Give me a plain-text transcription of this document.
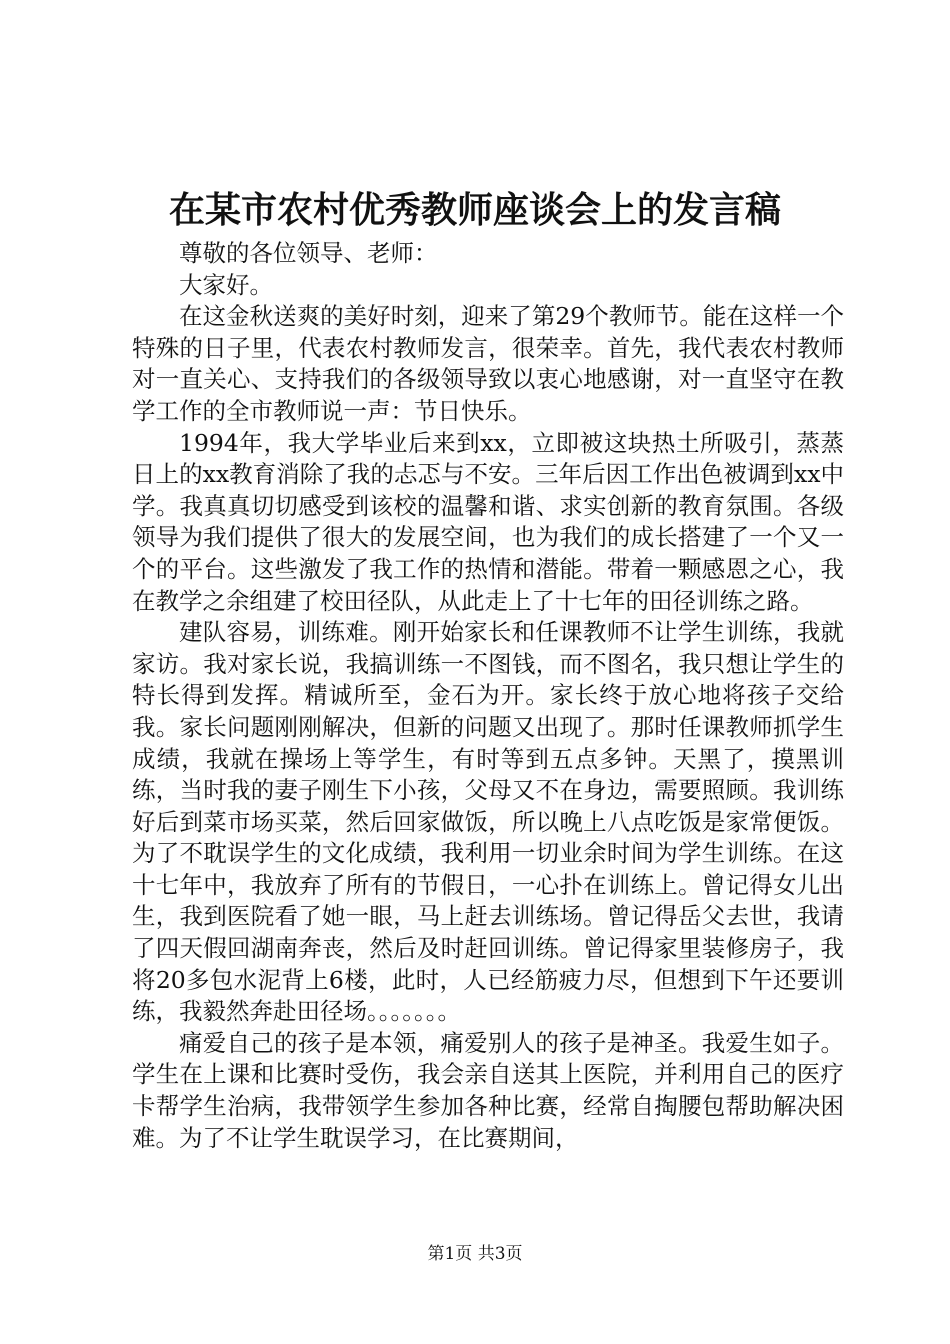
在某市农村优秀教师座谈会上的发言稿

尊敬的各位领导、老师：

大家好。

在这金秋送爽的美好时刻，迎来了第29个教师节。能在这样一个特殊的日子里，代表农村教师发言，很荣幸。首先，我代表农村教师对一直关心、支持我们的各级领导致以衷心地感谢，对一直坚守在教学工作的全市教师说一声：节日快乐。

1994年，我大学毕业后来到xx，立即被这块热土所吸引，蒸蒸日上的xx教育消除了我的忐忑与不安。三年后因工作出色被调到xx中学。我真真切切感受到该校的温馨和谐、求实创新的教育氛围。各级领导为我们提供了很大的发展空间，也为我们的成长搭建了一个又一个的平台。这些激发了我工作的热情和潜能。带着一颗感恩之心，我在教学之余组建了校田径队，从此走上了十七年的田径训练之路。

建队容易，训练难。刚开始家长和任课教师不让学生训练，我就家访。我对家长说，我搞训练一不图钱，而不图名，我只想让学生的特长得到发挥。精诚所至，金石为开。家长终于放心地将孩子交给我。家长问题刚刚解决，但新的问题又出现了。那时任课教师抓学生成绩，我就在操场上等学生，有时等到五点多钟。天黑了，摸黑训练，当时我的妻子刚生下小孩，父母又不在身边，需要照顾。我训练好后到菜市场买菜，然后回家做饭，所以晚上八点吃饭是家常便饭。为了不耽误学生的文化成绩，我利用一切业余时间为学生训练。在这十七年中，我放弃了所有的节假日，一心扑在训练上。曾记得女儿出生，我到医院看了她一眼，马上赶去训练场。曾记得岳父去世，我请了四天假回湖南奔丧，然后及时赶回训练。曾记得家里装修房子，我将20多包水泥背上6楼，此时，人已经筋疲力尽，但想到下午还要训练，我毅然奔赴田径场。。。。。。。

痛爱自己的孩子是本领，痛爱别人的孩子是神圣。我爱生如子。学生在上课和比赛时受伤，我会亲自送其上医院，并利用自己的医疗卡帮学生治病，我带领学生参加各种比赛，经常自掏腰包帮助解决困难。为了不让学生耽误学习，在比赛期间，

第1页 共3页
